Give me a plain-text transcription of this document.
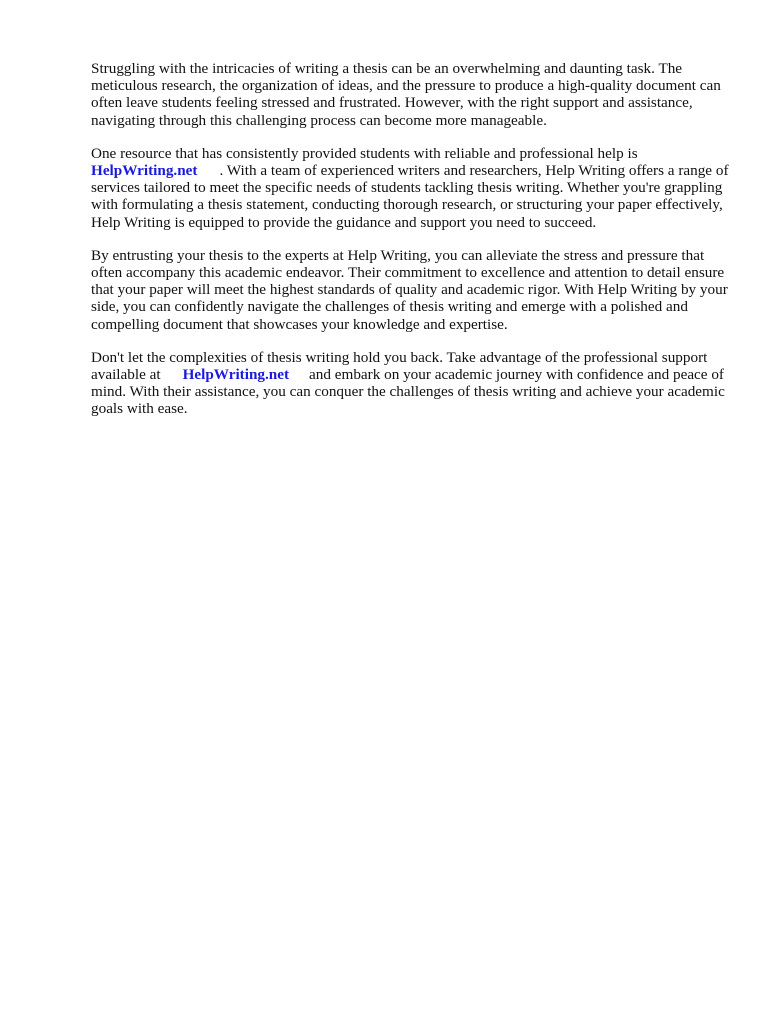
Struggling with the intricacies of writing a thesis can be an overwhelming and daunting task. The meticulous research, the organization of ideas, and the pressure to produce a high-quality document can often leave students feeling stressed and frustrated. However, with the right support and assistance, navigating through this challenging process can become more manageable.

One resource that has consistently provided students with reliable and professional help is
HelpWriting.net . With a team of experienced writers and researchers, Help Writing offers a range of services tailored to meet the specific needs of students tackling thesis writing. Whether you're grappling with formulating a thesis statement, conducting thorough research, or structuring your paper effectively, Help Writing is equipped to provide the guidance and support you need to succeed.

By entrusting your thesis to the experts at Help Writing, you can alleviate the stress and pressure that often accompany this academic endeavor. Their commitment to excellence and attention to detail ensure that your paper will meet the highest standards of quality and academic rigor. With Help Writing by your side, you can confidently navigate the challenges of thesis writing and emerge with a polished and compelling document that showcases your knowledge and expertise.

Don't let the complexities of thesis writing hold you back. Take advantage of the professional support available at HelpWriting.net and embark on your academic journey with confidence and peace of mind. With their assistance, you can conquer the challenges of thesis writing and achieve your academic goals with ease.
